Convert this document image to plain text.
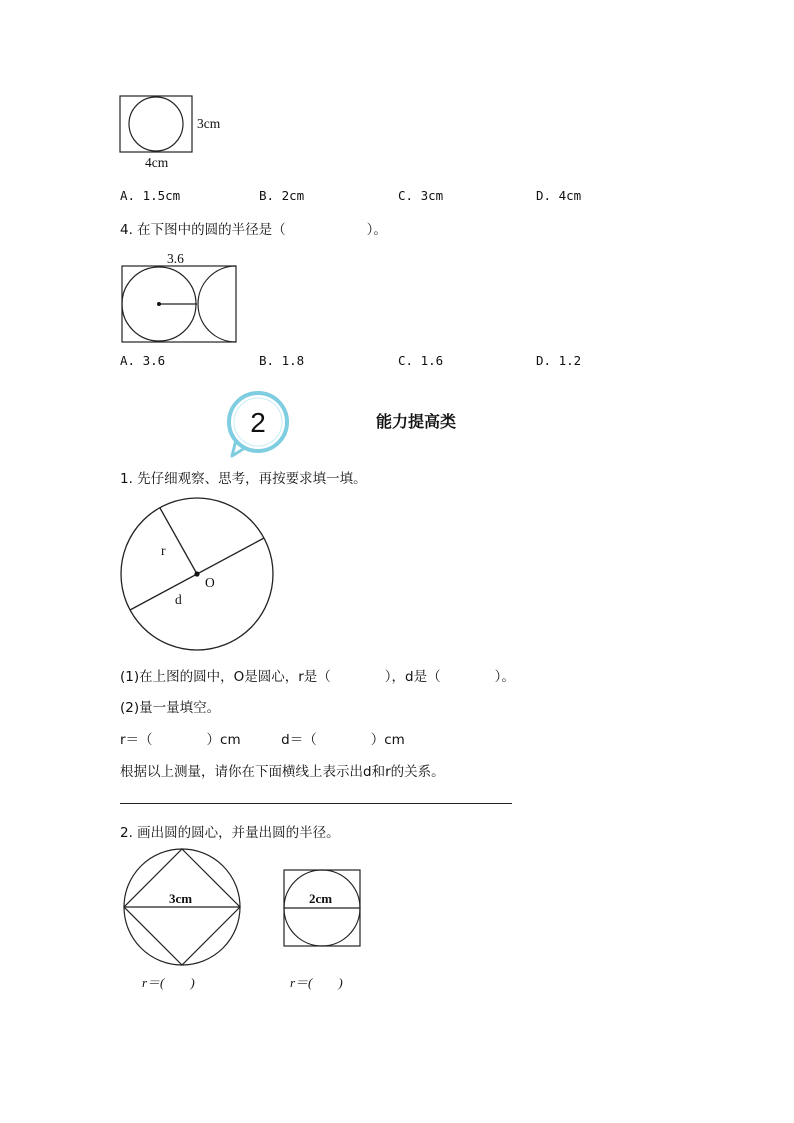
3cm
4cm
A. 1.5cm	B. 2cm	C. 3cm	D. 4cm
4. 在下图中的圆的半径是（　　　　　　）。
3.6
A. 3.6	B. 1.8	C. 1.6	D. 1.2
2	能力提高类
1. 先仔细观察、思考，再按要求填一填。
r
d
O
(1)在上图的圆中，O是圆心，r是（　　　　），d是（　　　　）。
(2)量一量填空。
r＝（　　　　）cm　　　d＝（　　　　）cm
根据以上测量，请你在下面横线上表示出d和r的关系。
2. 画出圆的圆心，并量出圆的半径。
3cm
r＝(　　)
2cm
r＝(　　)
